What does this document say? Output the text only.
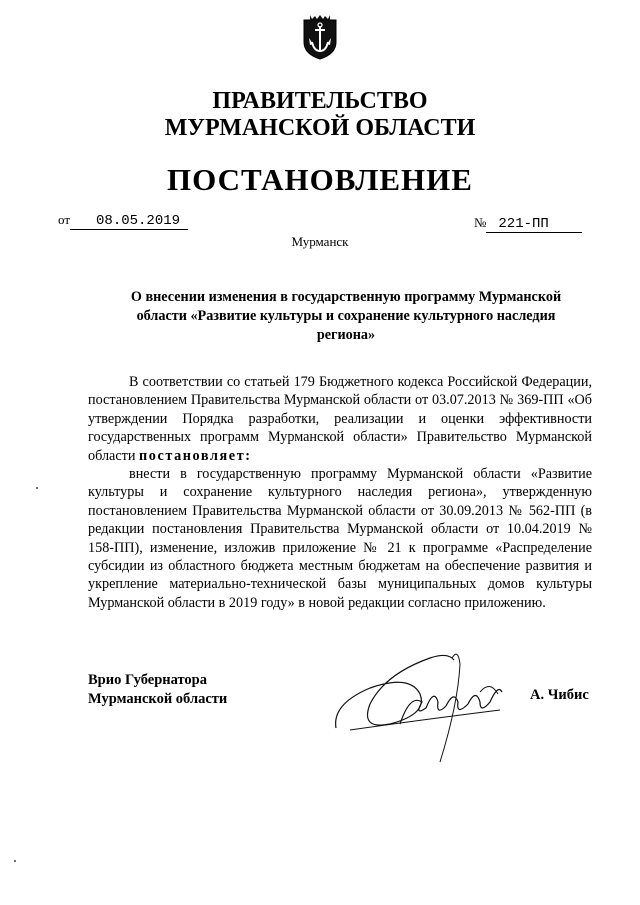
ПРАВИТЕЛЬСТВО
МУРМАНСКОЙ ОБЛАСТИ
ПОСТАНОВЛЕНИЕ
от 08.05.2019	№ 221-ПП
Мурманск
О внесении изменения в государственную программу Мурманской области «Развитие культуры и сохранение культурного наследия региона»

В соответствии со статьей 179 Бюджетного кодекса Российской Федерации, постановлением Правительства Мурманской области от 03.07.2013 № 369-ПП «Об утверждении Порядка разработки, реализации и оценки эффективности государственных программ Мурманской области» Правительство Мурманской области постановляет:

внести в государственную программу Мурманской области «Развитие культуры и сохранение культурного наследия региона», утвержденную постановлением Правительства Мурманской области от 30.09.2013 № 562-ПП (в редакции постановления Правительства Мурманской области от 10.04.2019 № 158-ПП), изменение, изложив приложение № 21 к программе «Распределение субсидии из областного бюджета местным бюджетам на обеспечение развития и укрепление материально-технической базы муниципальных домов культуры Мурманской области в 2019 году» в новой редакции согласно приложению.

Врио Губернатора
Мурманской области	А. Чибис
